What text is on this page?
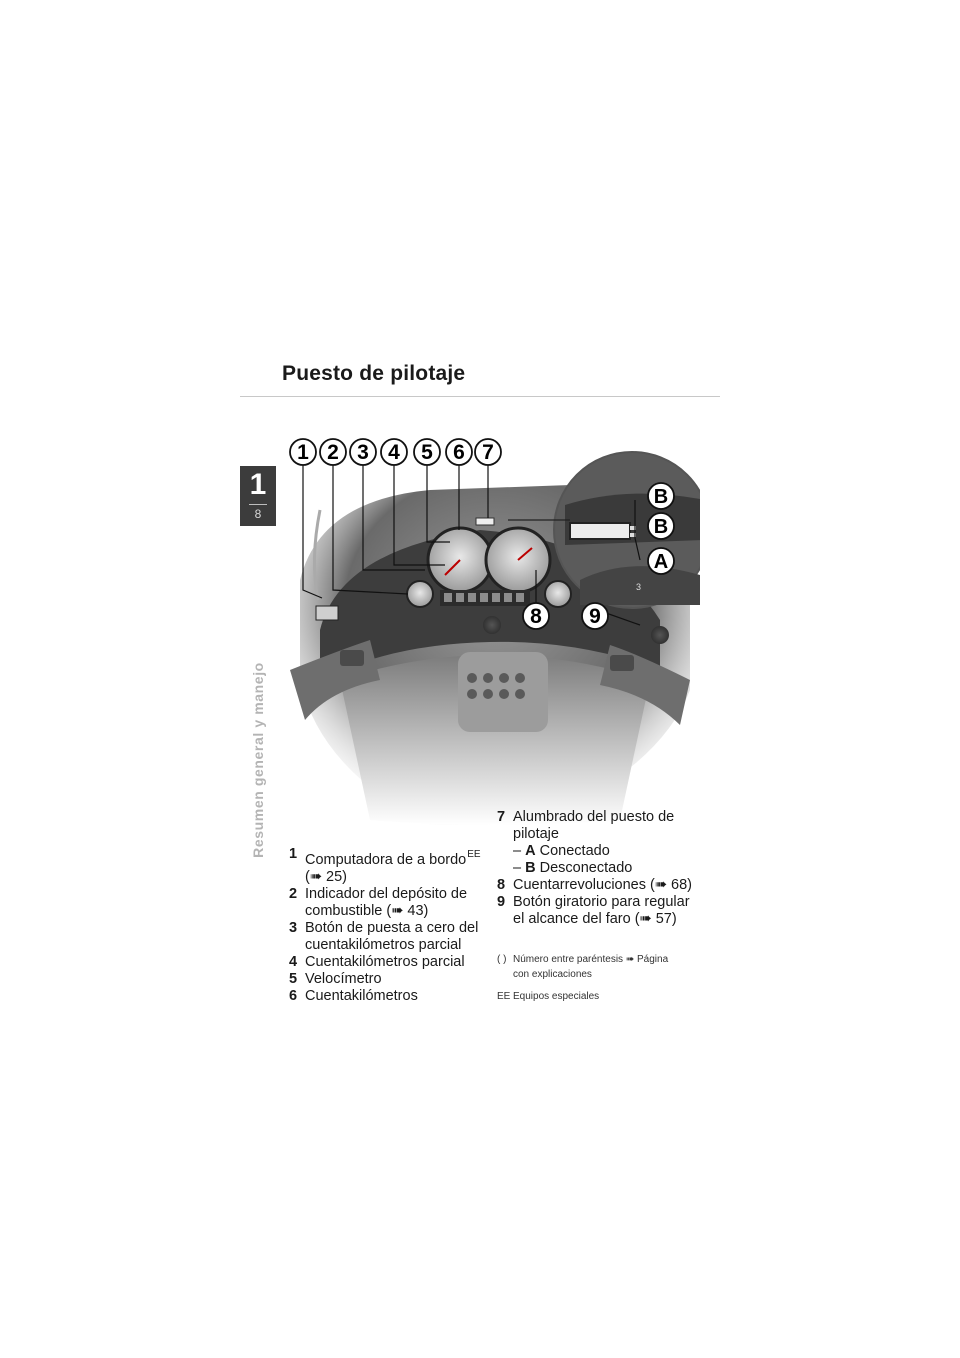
Puesto de pilotaje
1
8
Resumen general y manejo
3
1 2 3 4 5 6 7
8 9
B
B
A
1 Computadora de a bordo$^{EE}$
(➠ 25)
2 Indicador del depósito de
combustible (➠ 43)
3 Botón de puesta a cero del
cuentakilómetros parcial
4 Cuentakilómetros parcial
5 Velocímetro
6 Cuentakilómetros
7 Alumbrado del puesto de
pilotaje
– A Conectado
– B Desconectado
8 Cuentarrevoluciones (➠ 68)
9 Botón giratorio para regular
el alcance del faro (➠ 57)
( ) Número entre paréntesis ➠ Página
con explicaciones
EE Equipos especiales
